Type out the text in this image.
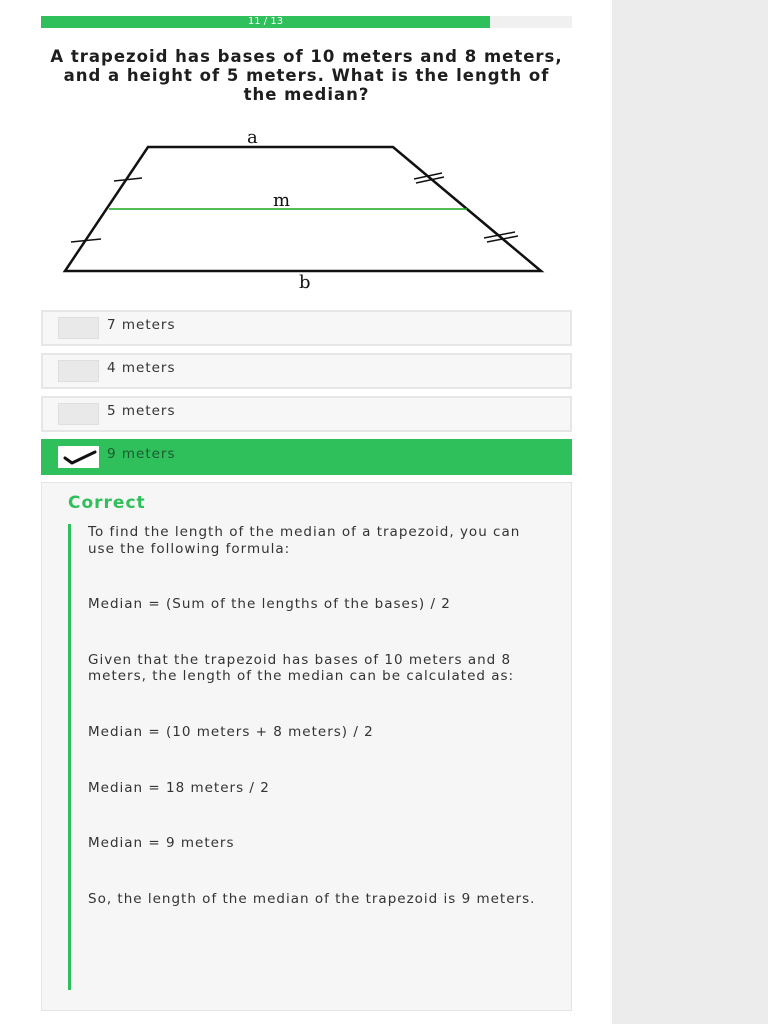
11 / 13
A trapezoid has bases of 10 meters and 8 meters, and a height of 5 meters. What is the length of the median?
a
m
b
7 meters
4 meters
5 meters
9 meters
Correct

To find the length of the median of a trapezoid, you can use the following formula:

Median = (Sum of the lengths of the bases) / 2

Given that the trapezoid has bases of 10 meters and 8 meters, the length of the median can be calculated as:

Median = (10 meters + 8 meters) / 2

Median = 18 meters / 2

Median = 9 meters

So, the length of the median of the trapezoid is 9 meters.
